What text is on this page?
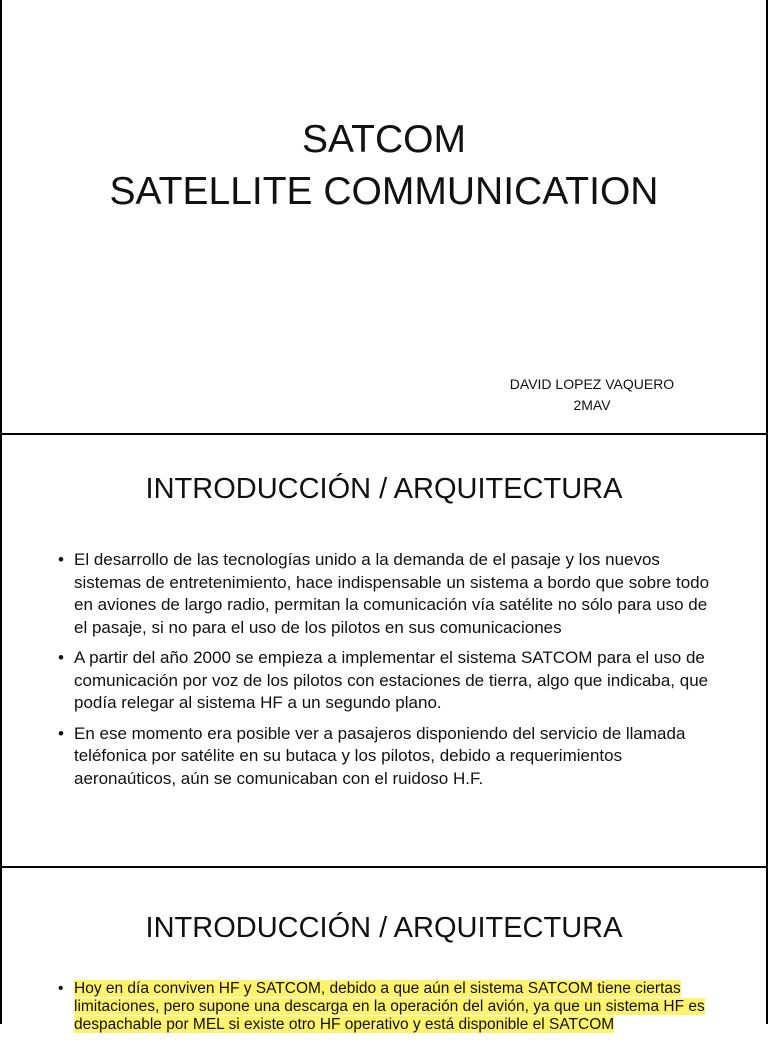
SATCOM
SATELLITE COMMUNICATION
DAVID LOPEZ VAQUERO
2MAV
INTRODUCCIÓN / ARQUITECTURA
• El desarrollo de las tecnologías unido a la demanda de el pasaje y los nuevos sistemas de entretenimiento, hace indispensable un sistema a bordo que sobre todo en aviones de largo radio, permitan la comunicación vía satélite no sólo para uso de el pasaje, si no para el uso de los pilotos en sus comunicaciones
• A partir del año 2000 se empieza a implementar el sistema SATCOM para el uso de comunicación por voz de los pilotos con estaciones de tierra, algo que indicaba, que podía relegar al sistema HF a un segundo plano.
• En ese momento era posible ver a pasajeros disponiendo del servicio de llamada teléfonica por satélite en su butaca y los pilotos, debido a requerimientos aeronaúticos, aún se comunicaban con el ruidoso H.F.
INTRODUCCIÓN / ARQUITECTURA
• Hoy en día conviven HF y SATCOM, debido a que aún el sistema SATCOM tiene ciertas limitaciones, pero supone una descarga en la operación del avión, ya que un sistema HF es despachable por MEL si existe otro HF operativo y está disponible el SATCOM
